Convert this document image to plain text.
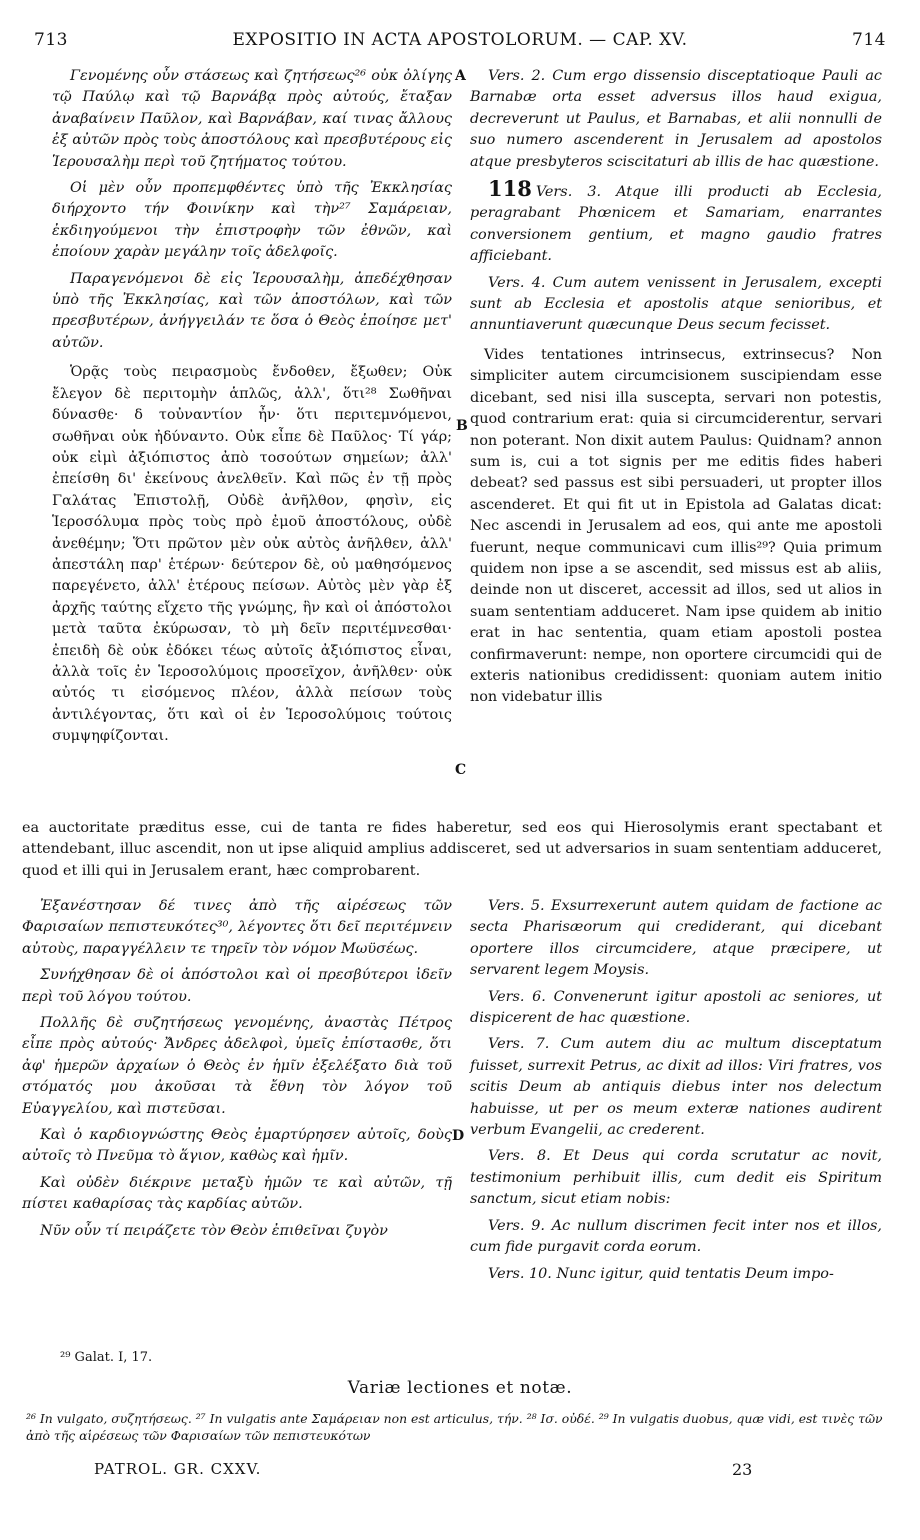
713	EXPOSITIO IN ACTA APOSTOLORUM. — CAP. XV.	714
A
B
C
D

Γενομένης οὖν στάσεως καὶ ζητήσεως²⁶ οὐκ ὀλίγης τῷ Παύλῳ καὶ τῷ Βαρνάβᾳ πρὸς αὐτούς, ἔταξαν ἀναβαίνειν Παῦλον, καὶ Βαρνάβαν, καί τινας ἄλλους ἐξ αὐτῶν πρὸς τοὺς ἀποστόλους καὶ πρεσβυτέρους εἰς Ἱερουσαλὴμ περὶ τοῦ ζητήματος τούτου.

Οἱ μὲν οὖν προπεμφθέντες ὑπὸ τῆς Ἐκκλησίας διήρχοντο τήν Φοινίκην καὶ τὴν²⁷ Σαμάρειαν, ἐκδιηγούμενοι τὴν ἐπιστροφὴν τῶν ἐθνῶν, καὶ ἐποίουν χαρὰν μεγάλην τοῖς ἀδελφοῖς.

Παραγενόμενοι δὲ εἰς Ἱερουσαλὴμ, ἀπεδέχθησαν ὑπὸ τῆς Ἐκκλησίας, καὶ τῶν ἀποστόλων, καὶ τῶν πρεσβυτέρων, ἀνήγγειλάν τε ὅσα ὁ Θεὸς ἐποίησε μετ' αὐτῶν.

Ὁρᾷς τοὺς πειρασμοὺς ἔνδοθεν, ἔξωθεν; Οὐκ ἔλεγον δὲ περιτομὴν ἁπλῶς, ἀλλ', ὅτι²⁸ Σωθῆναι δύνασθε· δ τοὐναντίον ἦν· ὅτι περιτεμνόμενοι, σωθῆναι οὐκ ἠδύναντο. Οὐκ εἶπε δὲ Παῦλος· Τί γάρ; οὐκ εἰμὶ ἀξιόπιστος ἀπὸ τοσούτων σημείων; ἀλλ' ἐπείσθη δι' ἐκείνους ἀνελθεῖν. Καὶ πῶς ἐν τῇ πρὸς Γαλάτας Ἐπιστολῇ, Οὐδὲ ἀνῆλθον, φησὶν, εἰς Ἱεροσόλυμα πρὸς τοὺς πρὸ ἐμοῦ ἀποστόλους, οὐδὲ ἀνεθέμην; Ὅτι πρῶτον μὲν οὐκ αὐτὸς ἀνῆλθεν, ἀλλ' ἀπεστάλη παρ' ἑτέρων· δεύτερον δὲ, οὐ μαθησόμενος παρεγένετο, ἀλλ' ἑτέρους πείσων. Αὐτὸς μὲν γὰρ ἐξ ἀρχῆς ταύτης εἴχετο τῆς γνώμης, ἣν καὶ οἱ ἀπόστολοι μετὰ ταῦτα ἐκύρωσαν, τὸ μὴ δεῖν περιτέμνεσθαι· ἐπειδὴ δὲ οὐκ ἐδόκει τέως αὐτοῖς ἀξιόπιστος εἶναι, ἀλλὰ τοῖς ἐν Ἱεροσολύμοις προσεῖχον, ἀνῆλθεν· οὐκ αὐτός τι εἰσόμενος πλέον, ἀλλὰ πείσων τοὺς ἀντιλέγοντας, ὅτι καὶ οἱ ἐν Ἱεροσολύμοις τούτοις συμψηφίζονται.

Vers. 2. Cum ergo dissensio disceptatioque Pauli ac Barnabæ orta esset adversus illos haud exigua, decreverunt ut Paulus, et Barnabas, et alii nonnulli de suo numero ascenderent in Jerusalem ad apostolos atque presbyteros sciscitaturi ab illis de hac quæstione.

118 Vers. 3. Atque illi producti ab Ecclesia, peragrabant Phœnicem et Samariam, enarrantes conversionem gentium, et magno gaudio fratres afficiebant.

Vers. 4. Cum autem venissent in Jerusalem, excepti sunt ab Ecclesia et apostolis atque senioribus, et annuntiaverunt quæcunque Deus secum fecisset.

Vides tentationes intrinsecus, extrinsecus? Non simpliciter autem circumcisionem suscipiendam esse dicebant, sed nisi illa suscepta, servari non potestis, quod contrarium erat: quia si circumciderentur, servari non poterant. Non dixit autem Paulus: Quidnam? annon sum is, cui a tot signis per me editis fides haberi debeat? sed passus est sibi persuaderi, ut propter illos ascenderet. Et qui fit ut in Epistola ad Galatas dicat: Nec ascendi in Jerusalem ad eos, qui ante me apostoli fuerunt, neque communicavi cum illis²⁹? Quia primum quidem non ipse a se ascendit, sed missus est ab aliis, deinde non ut disceret, accessit ad illos, sed ut alios in suam sententiam adduceret. Nam ipse quidem ab initio erat in hac sententia, quam etiam apostoli postea confirmaverunt: nempe, non oportere circumcidi qui de exteris nationibus credidissent: quoniam autem initio non videbatur illis

ea auctoritate præditus esse, cui de tanta re fides haberetur, sed eos qui Hierosolymis erant spectabant et attendebant, illuc ascendit, non ut ipse aliquid amplius addisceret, sed ut adversarios in suam sententiam adduceret, quod et illi qui in Jerusalem erant, hæc comprobarent.

Ἐξανέστησαν δέ τινες ἀπὸ τῆς αἱρέσεως τῶν Φαρισαίων πεπιστευκότες³⁰, λέγοντες ὅτι δεῖ περιτέμνειν αὐτοὺς, παραγγέλλειν τε τηρεῖν τὸν νόμον Μωϋσέως.

Συνήχθησαν δὲ οἱ ἀπόστολοι καὶ οἱ πρεσβύτεροι ἰδεῖν περὶ τοῦ λόγου τούτου.

Πολλῆς δὲ συζητήσεως γενομένης, ἀναστὰς Πέτρος εἶπε πρὸς αὐτούς· Ἄνδρες ἀδελφοὶ, ὑμεῖς ἐπίστασθε, ὅτι ἀφ' ἡμερῶν ἀρχαίων ὁ Θεὸς ἐν ἡμῖν ἐξελέξατο διὰ τοῦ στόματός μου ἀκοῦσαι τὰ ἔθνη τὸν λόγον τοῦ Εὐαγγελίου, καὶ πιστεῦσαι.

Καὶ ὁ καρδιογνώστης Θεὸς ἐμαρτύρησεν αὐτοῖς, δοὺς αὐτοῖς τὸ Πνεῦμα τὸ ἅγιον, καθὼς καὶ ἡμῖν.

Καὶ οὐδὲν διέκρινε μεταξὺ ἡμῶν τε καὶ αὐτῶν, τῇ πίστει καθαρίσας τὰς καρδίας αὐτῶν.

Νῦν οὖν τί πειράζετε τὸν Θεὸν ἐπιθεῖναι ζυγὸν

Vers. 5. Exsurrexerunt autem quidam de factione ac secta Pharisæorum qui crediderant, qui dicebant oportere illos circumcidere, atque præcipere, ut servarent legem Moysis.

Vers. 6. Convenerunt igitur apostoli ac seniores, ut dispicerent de hac quæstione.

Vers. 7. Cum autem diu ac multum disceptatum fuisset, surrexit Petrus, ac dixit ad illos: Viri fratres, vos scitis Deum ab antiquis diebus inter nos delectum habuisse, ut per os meum exteræ nationes audirent verbum Evangelii, ac crederent.

Vers. 8. Et Deus qui corda scrutatur ac novit, testimonium perhibuit illis, cum dedit eis Spiritum sanctum, sicut etiam nobis:

Vers. 9. Ac nullum discrimen fecit inter nos et illos, cum fide purgavit corda eorum.

Vers. 10. Nunc igitur, quid tentatis Deum impo-

²⁹ Galat. I, 17.
Variæ lectiones et notæ.
²⁶ In vulgato, συζητήσεως. ²⁷ In vulgatis ante Σαμάρειαν non est articulus, τήν. ²⁸ Ισ. οὐδέ. ²⁹ In vulgatis duobus, quæ vidi, est τινὲς τῶν ἀπὸ τῆς αἱρέσεως τῶν Φαρισαίων τῶν πεπιστευκότων
PATROL. GR. CXXV.	23
